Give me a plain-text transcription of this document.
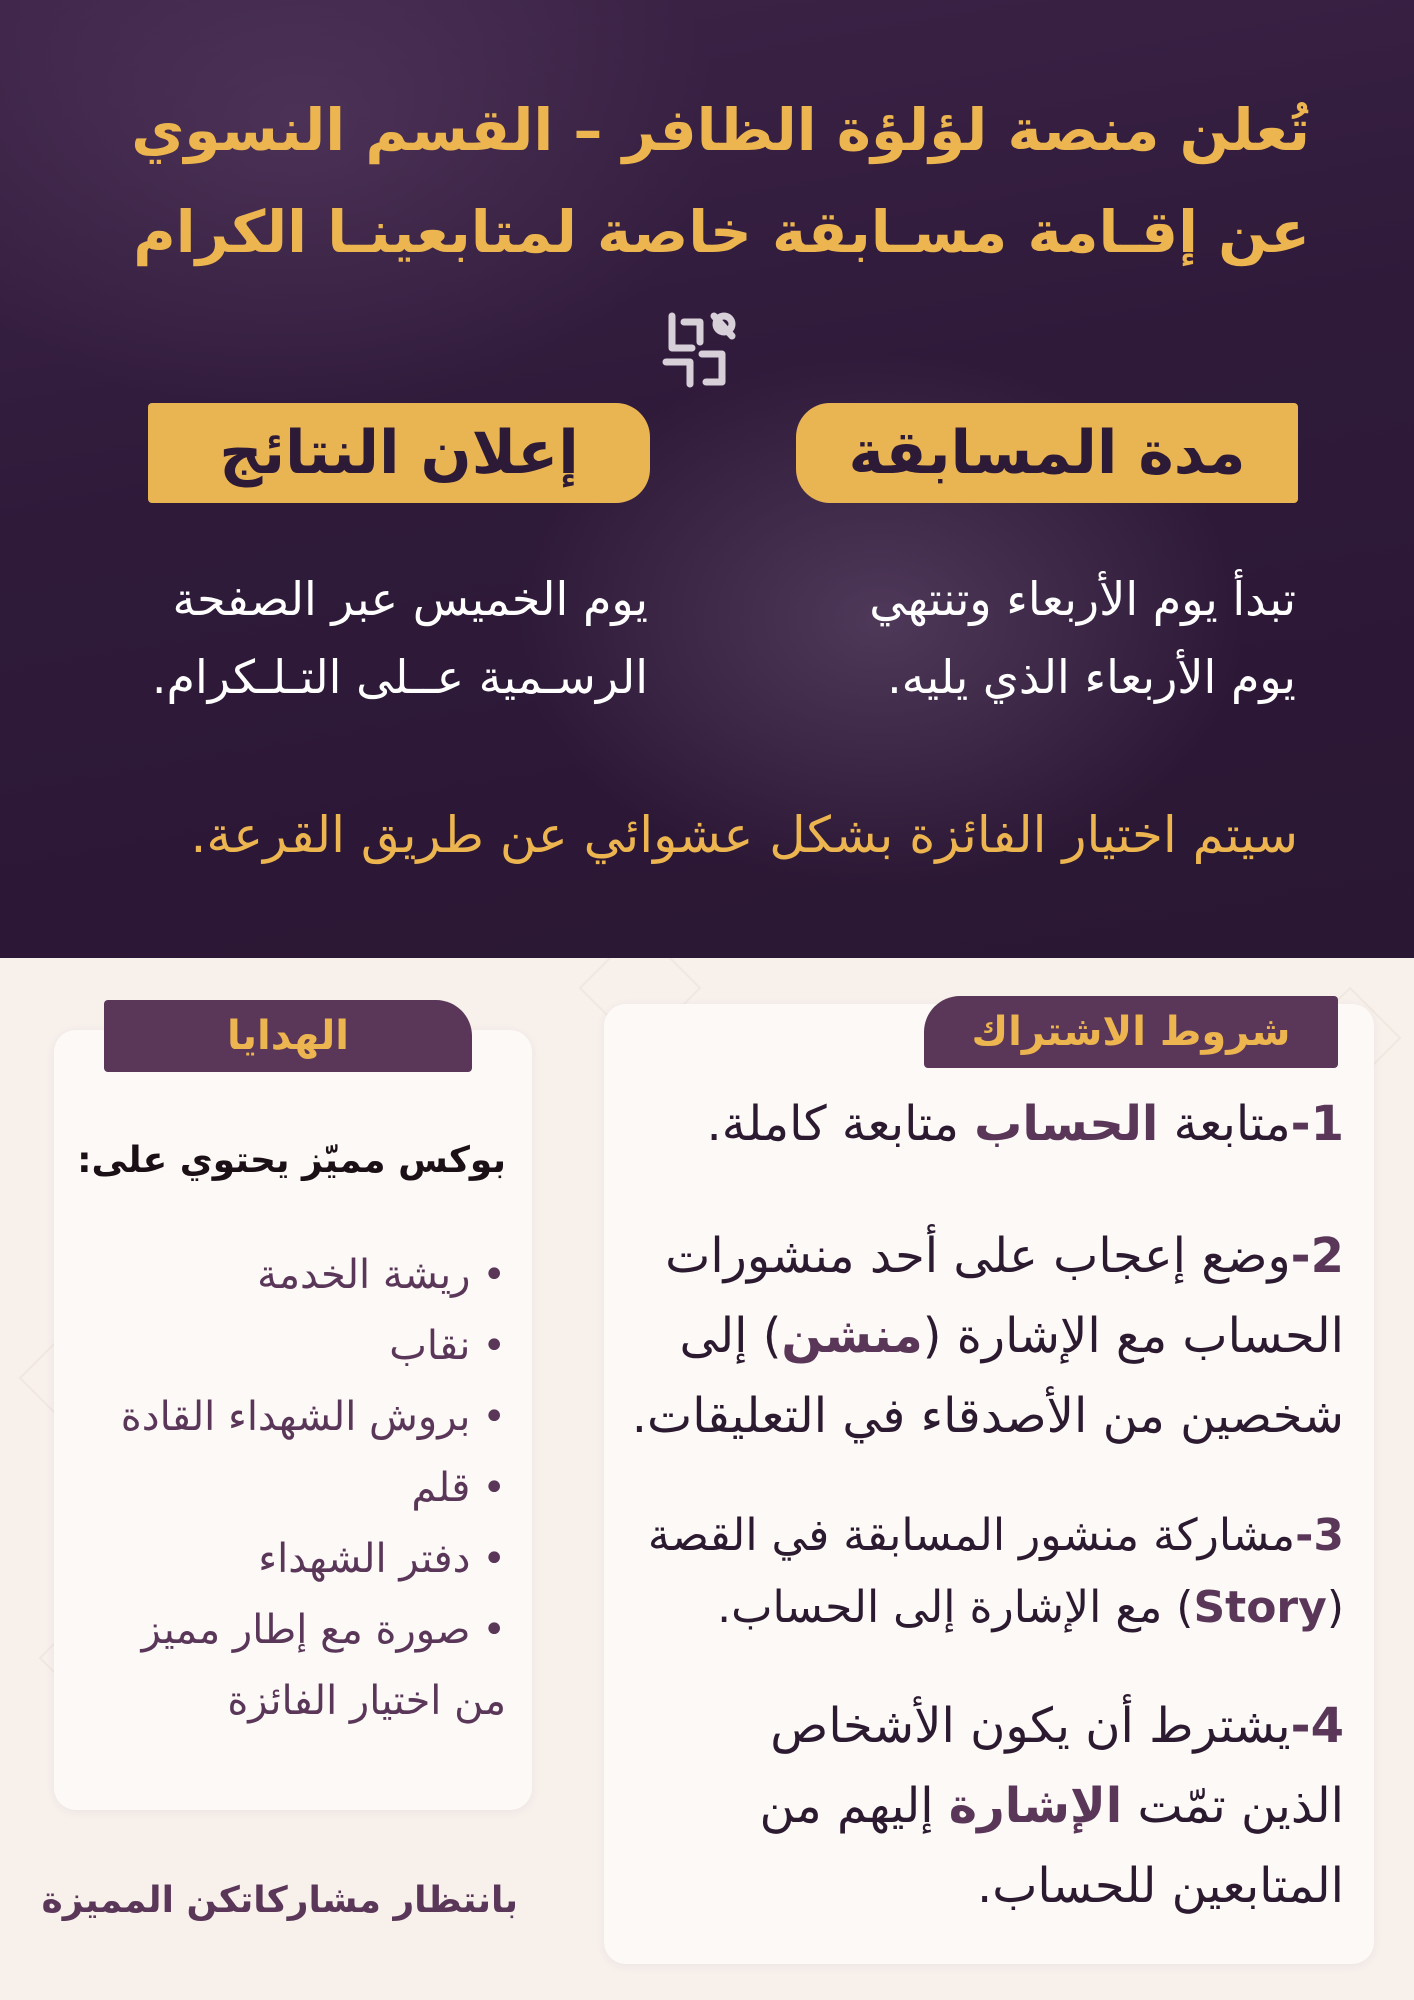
تُعلن منصة لؤلؤة الظافر – القسم النسوي
عن إقـامة مسـابقة خاصة لمتابعينـا الكرام
مدة المسابقة
إعلان النتائج
تبدأ يوم الأربعاء وتنتهي
يوم الأربعاء الذي يليه.
يوم الخميس عبر الصفحة
الرسـمية عــلى التـلـكرام.
سيتم اختيار الفائزة بشكل عشوائي عن طريق القرعة.
شروط الاشتراك
الهدايا
1-متابعة الحساب متابعة كاملة.
2-وضع إعجاب على أحد منشورات
الحساب مع الإشارة (منشن) إلى
شخصين من الأصدقاء في التعليقات.
3-مشاركة منشور المسابقة في القصة
(Story) مع الإشارة إلى الحساب.
4-يشترط أن يكون الأشخاص
الذين تمّت الإشارة إليهم من
المتابعين للحساب.
بوكس مميّز يحتوي على:
•ريشة الخدمة
•نقاب
•بروش الشهداء القادة
•قلم
•دفتر الشهداء
•صورة مع إطار مميز
من اختيار الفائزة
بانتظار مشاركاتكن المميزة
